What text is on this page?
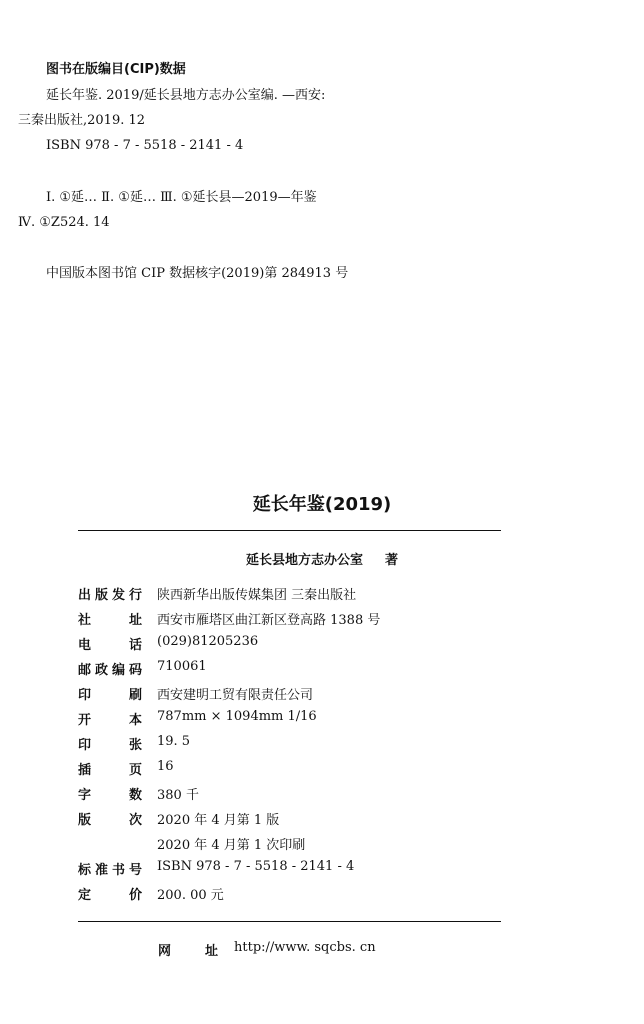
图书在版编目(CIP)数据
延长年鉴. 2019/延长县地方志办公室编. —西安:
三秦出版社,2019. 12
ISBN 978 - 7 - 5518 - 2141 - 4
Ⅰ. ①延… Ⅱ. ①延… Ⅲ. ①延长县—2019—年鉴
Ⅳ. ①Z524. 14
中国版本图书馆 CIP 数据核字(2019)第 284913 号
延长年鉴(2019)
延长县地方志办公室 著
出 版 发 行 陕西新华出版传媒集团 三秦出版社
社	址 西安市雁塔区曲江新区登高路 1388 号
电	话 (029)81205236
邮 政 编 码 710061
印	刷 西安建明工贸有限责任公司
开	本 787mm × 1094mm 1/16
印	张 19. 5
插	页 16
字	数 380 千
版	次 2020 年 4 月第 1 版
2020 年 4 月第 1 次印刷
标 准 书 号 ISBN 978 - 7 - 5518 - 2141 - 4
定	价 200. 00 元
网	址 http://www. sqcbs. cn
